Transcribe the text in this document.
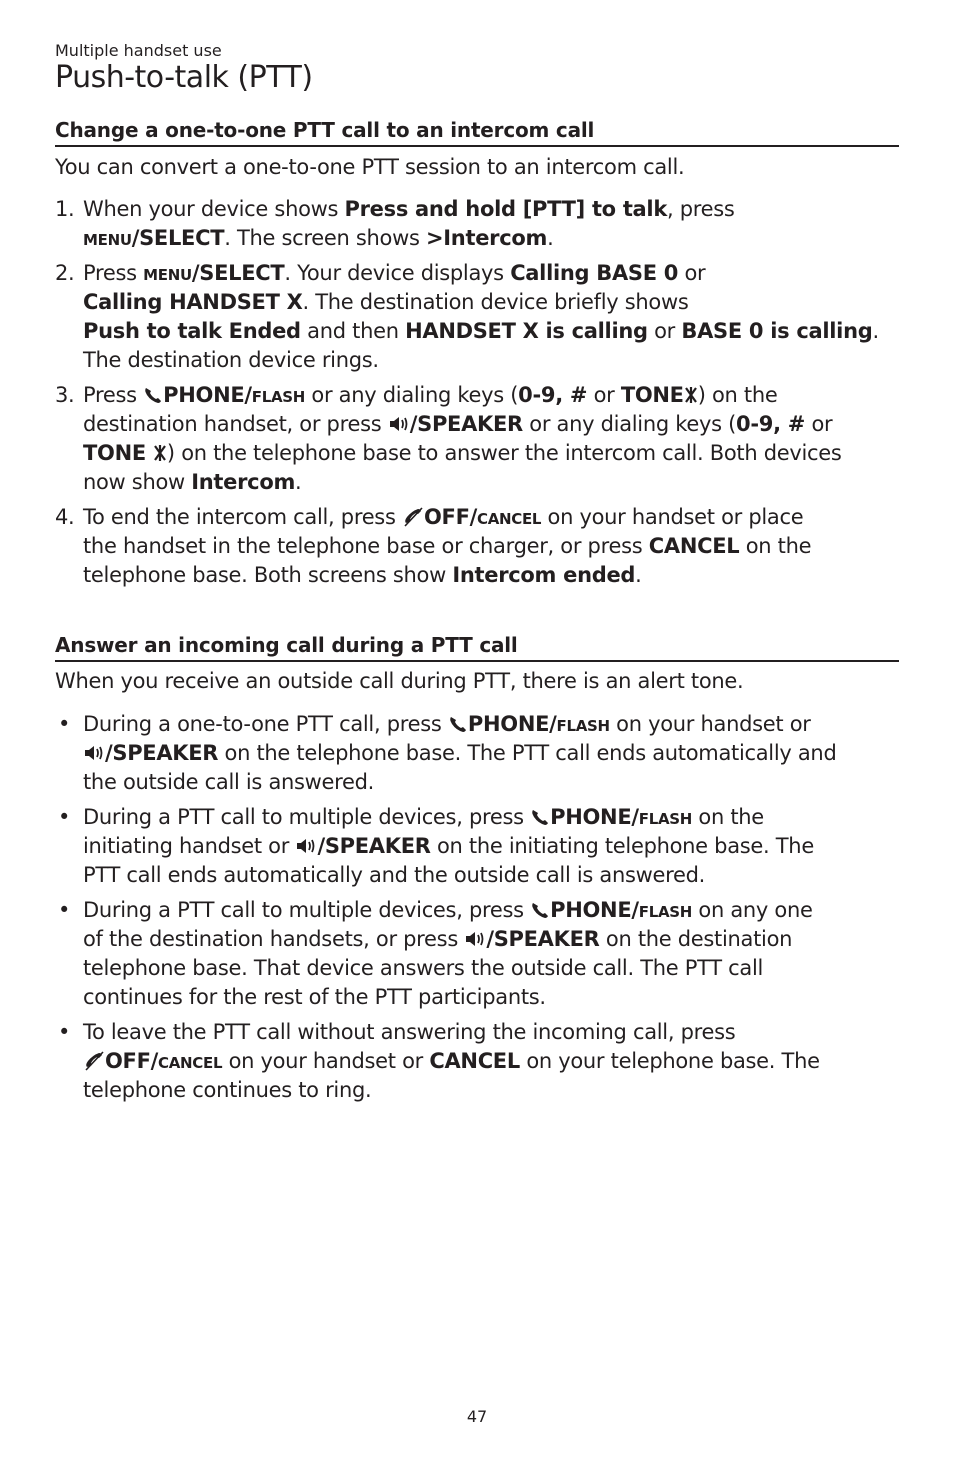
Multiple handset use
Push-to-talk (PTT)
Change a one-to-one PTT call to an intercom call

You can convert a one-to-one PTT session to an intercom call.

1. When your device shows Press and hold [PTT] to talk, press
menu/SELECT. The screen shows >Intercom.
2. Press menu/SELECT. Your device displays Calling BASE 0 or
Calling HANDSET X. The destination device briefly shows
Push to talk Ended and then HANDSET X is calling or BASE 0 is calling.
The destination device rings.
3. Press PHONE/flash or any dialing keys (0-9, # or TONE ) on the
destination handset, or press /SPEAKER or any dialing keys (0-9, # or
TONE ) on the telephone base to answer the intercom call. Both devices
now show Intercom.
4. To end the intercom call, press OFF/cancel on your handset or place
the handset in the telephone base or charger, or press CANCEL on the
telephone base. Both screens show Intercom ended.
Answer an incoming call during a PTT call

When you receive an outside call during PTT, there is an alert tone.

• During a one-to-one PTT call, press PHONE/flash on your handset or
/SPEAKER on the telephone base. The PTT call ends automatically and
the outside call is answered.
• During a PTT call to multiple devices, press PHONE/flash on the
initiating handset or /SPEAKER on the initiating telephone base. The
PTT call ends automatically and the outside call is answered.
• During a PTT call to multiple devices, press PHONE/flash on any one
of the destination handsets, or press /SPEAKER on the destination
telephone base. That device answers the outside call. The PTT call
continues for the rest of the PTT participants.
• To leave the PTT call without answering the incoming call, press
OFF/cancel on your handset or CANCEL on your telephone base. The
telephone continues to ring.
47
